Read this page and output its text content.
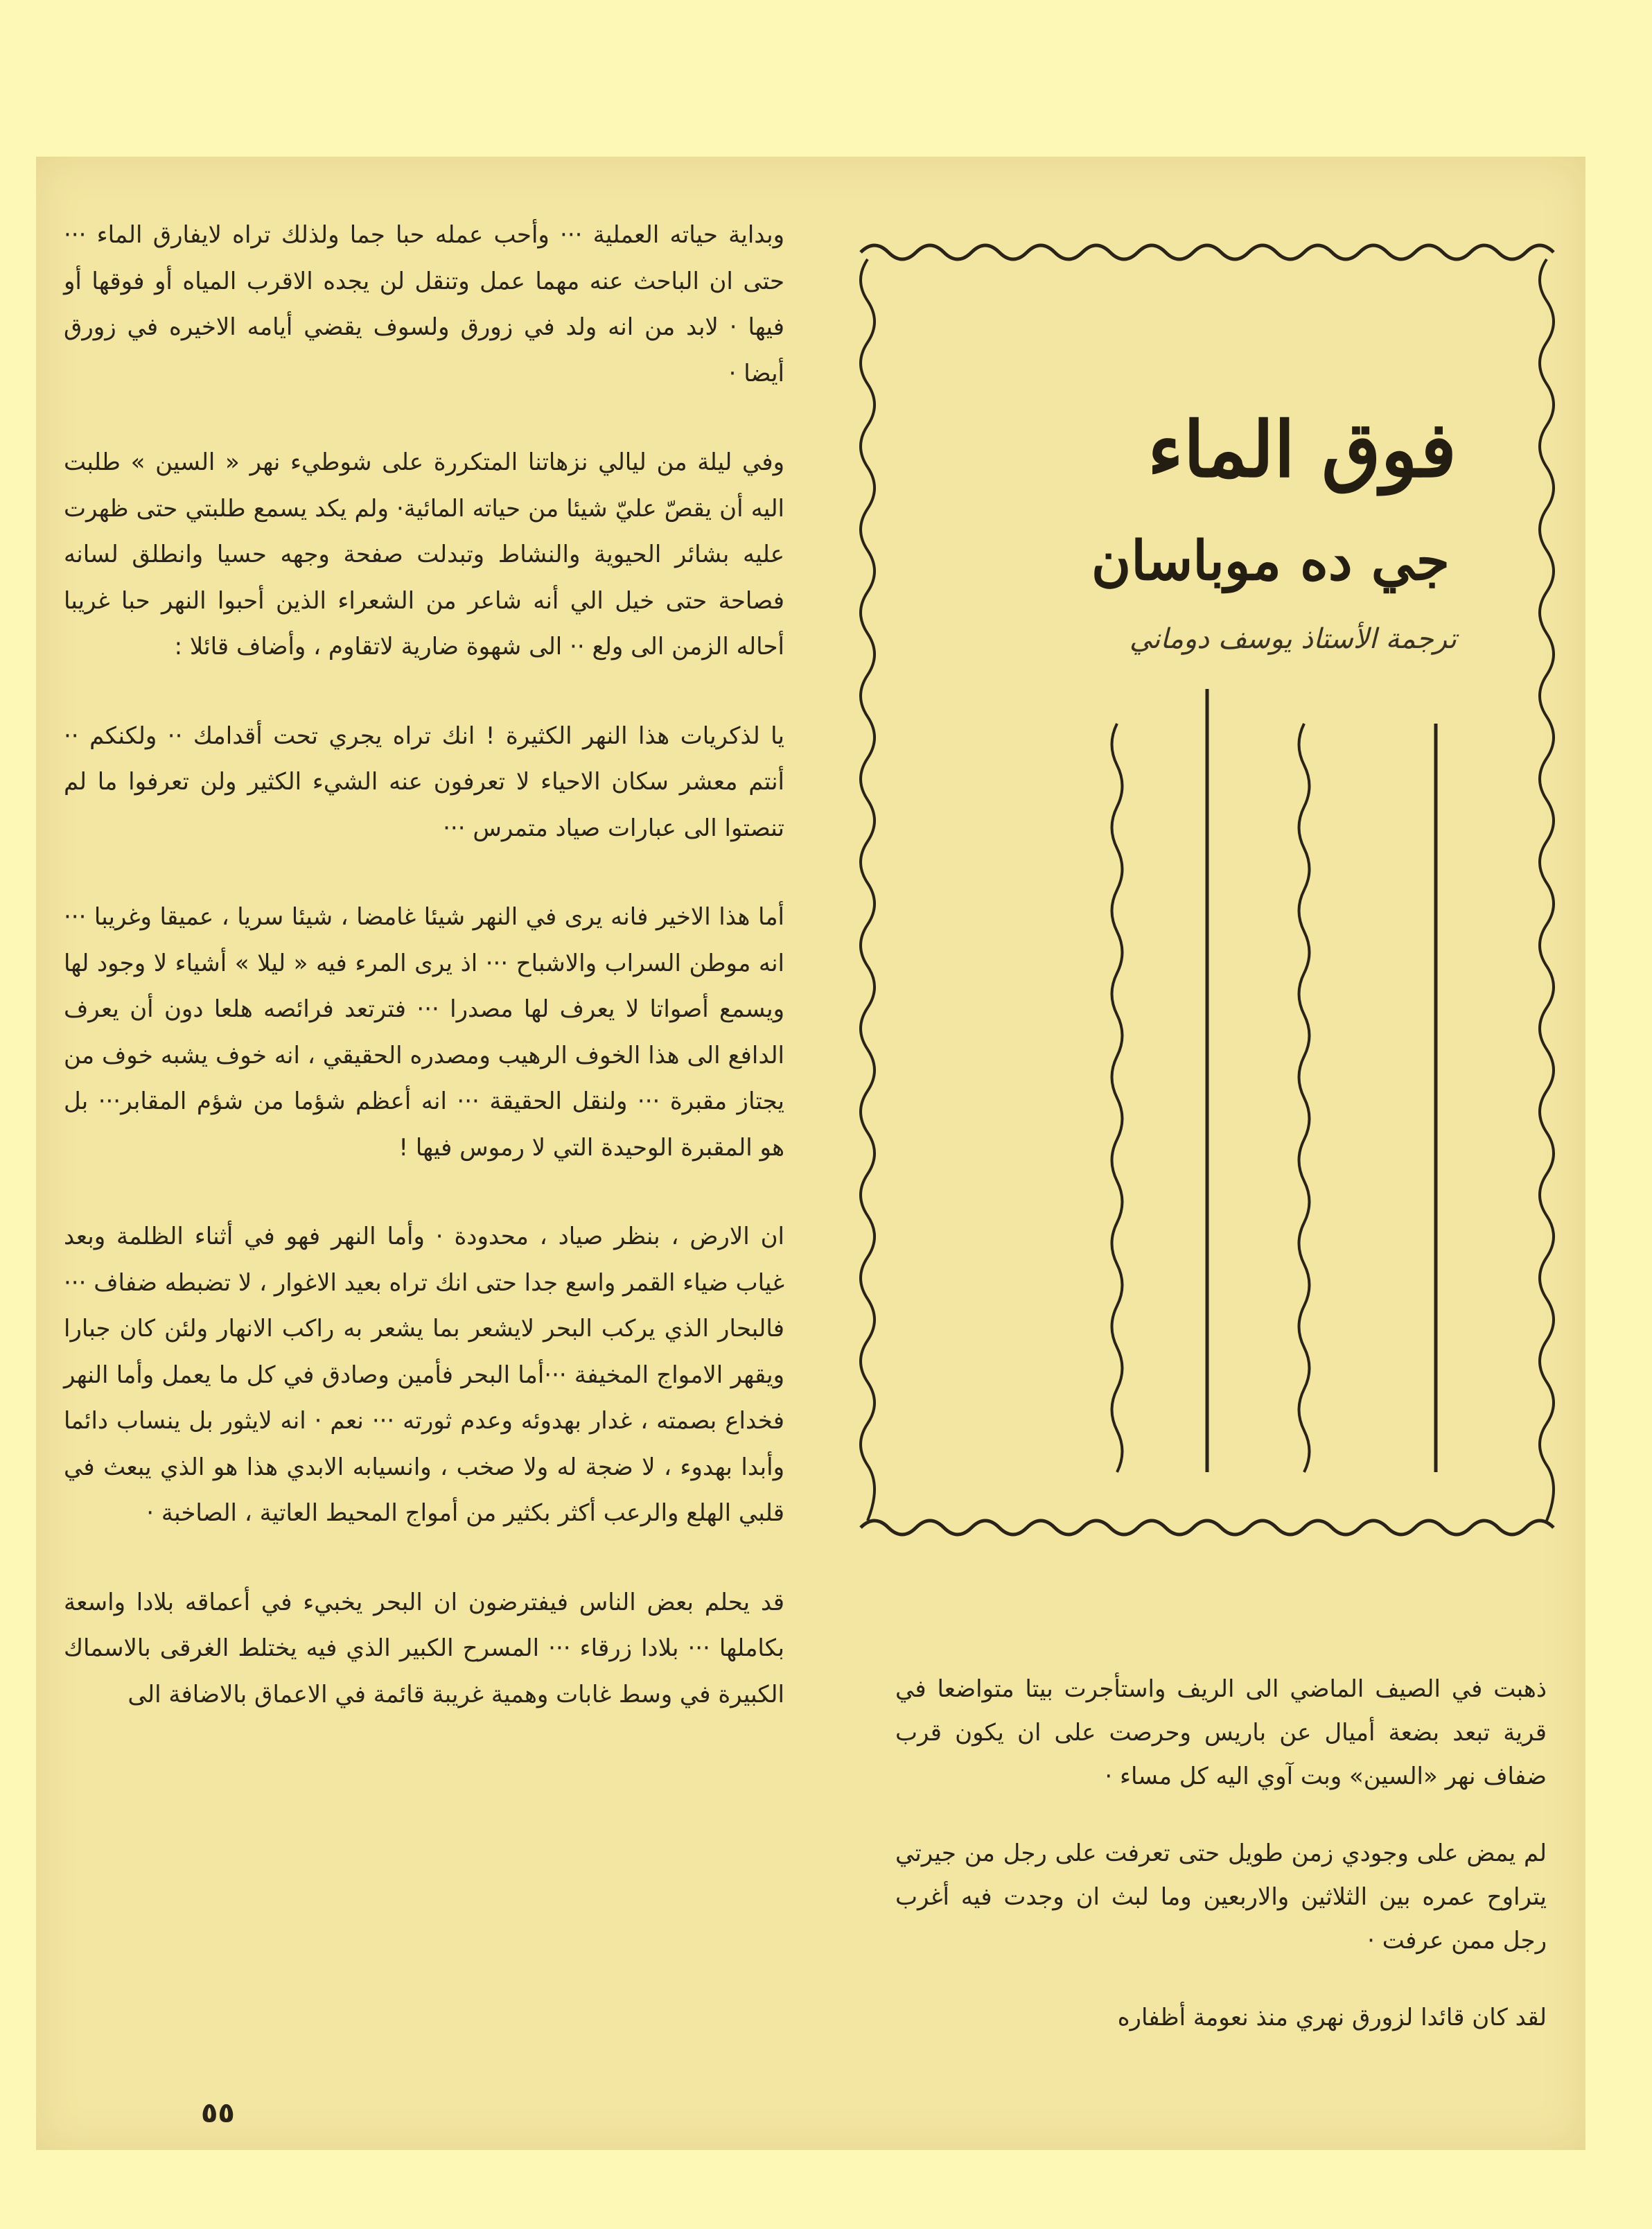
وبداية حياته العملية ··· وأحب عمله حبا جما ولذلك تراه لايفارق الماء ··· حتى ان الباحث عنه مهما عمل وتنقل لن يجده الاقرب المياه أو فوقها أو فيها · لابد من انه ولد في زورق ولسوف يقضي أيامه الاخيره في زورق أيضا ·
وفي ليلة من ليالي نزهاتنا المتكررة على شوطيء نهر « السين » طلبت اليه أن يقصّ عليّ شيئا من حياته المائية· ولم يكد يسمع طلبتي حتى ظهرت عليه بشائر الحيوية والنشاط وتبدلت صفحة وجهه حسيا وانطلق لسانه فصاحة حتى خيل الي أنه شاعر من الشعراء الذين أحبوا النهر حبا غريبا أحاله الزمن الى ولع ·· الى شهوة ضارية لاتقاوم ، وأضاف قائلا :
يا لذكريات هذا النهر الكثيرة ! انك تراه يجري تحت أقدامك ·· ولكنكم ·· أنتم معشر سكان الاحياء لا تعرفون عنه الشيء الكثير ولن تعرفوا ما لم تنصتوا الى عبارات صياد متمرس ···
أما هذا الاخير فانه يرى في النهر شيئا غامضا ، شيئا سريا ، عميقا وغريبا ··· انه موطن السراب والاشباح ··· اذ يرى المرء فيه « ليلا » أشياء لا وجود لها ويسمع أصواتا لا يعرف لها مصدرا ··· فترتعد فرائصه هلعا دون أن يعرف الدافع الى هذا الخوف الرهيب ومصدره الحقيقي ، انه خوف يشبه خوف من يجتاز مقبرة ··· ولنقل الحقيقة ··· انه أعظم شؤما من شؤم المقابر··· بل هو المقبرة الوحيدة التي لا رموس فيها !
ان الارض ، بنظر صياد ، محدودة · وأما النهر فهو في أثناء الظلمة وبعد غياب ضياء القمر واسع جدا حتى انك تراه بعيد الاغوار ، لا تضبطه ضفاف ··· فالبحار الذي يركب البحر لايشعر بما يشعر به راكب الانهار ولئن كان جبارا ويقهر الامواج المخيفة ···أما البحر فأمين وصادق في كل ما يعمل وأما النهر فخداع بصمته ، غدار بهدوئه وعدم ثورته ··· نعم · انه لايثور بل ينساب دائما وأبدا بهدوء ، لا ضجة له ولا صخب ، وانسيابه الابدي هذا هو الذي يبعث في قلبي الهلع والرعب أكثر بكثير من أمواج المحيط العاتية ، الصاخبة ·
قد يحلم بعض الناس فيفترضون ان البحر يخبيء في أعماقه بلادا واسعة بكاملها ··· بلادا زرقاء ··· المسرح الكبير الذي فيه يختلط الغرقى بالاسماك الكبيرة في وسط غابات وهمية غريبة قائمة في الاعماق بالاضافة الى
٥٥
فوق الماء
جي ده موباسان
ترجمة الأستاذ يوسف دوماني
ذهبت في الصيف الماضي الى الريف واستأجرت بيتا متواضعا في قرية تبعد بضعة أميال عن باريس وحرصت على ان يكون قرب ضفاف نهر «السين» وبت آوي اليه كل مساء ·
لم يمض على وجودي زمن طويل حتى تعرفت على رجل من جيرتي يتراوح عمره بين الثلاثين والاربعين وما لبث ان وجدت فيه أغرب رجل ممن عرفت ·
لقد كان قائدا لزورق نهري منذ نعومة أظفاره
